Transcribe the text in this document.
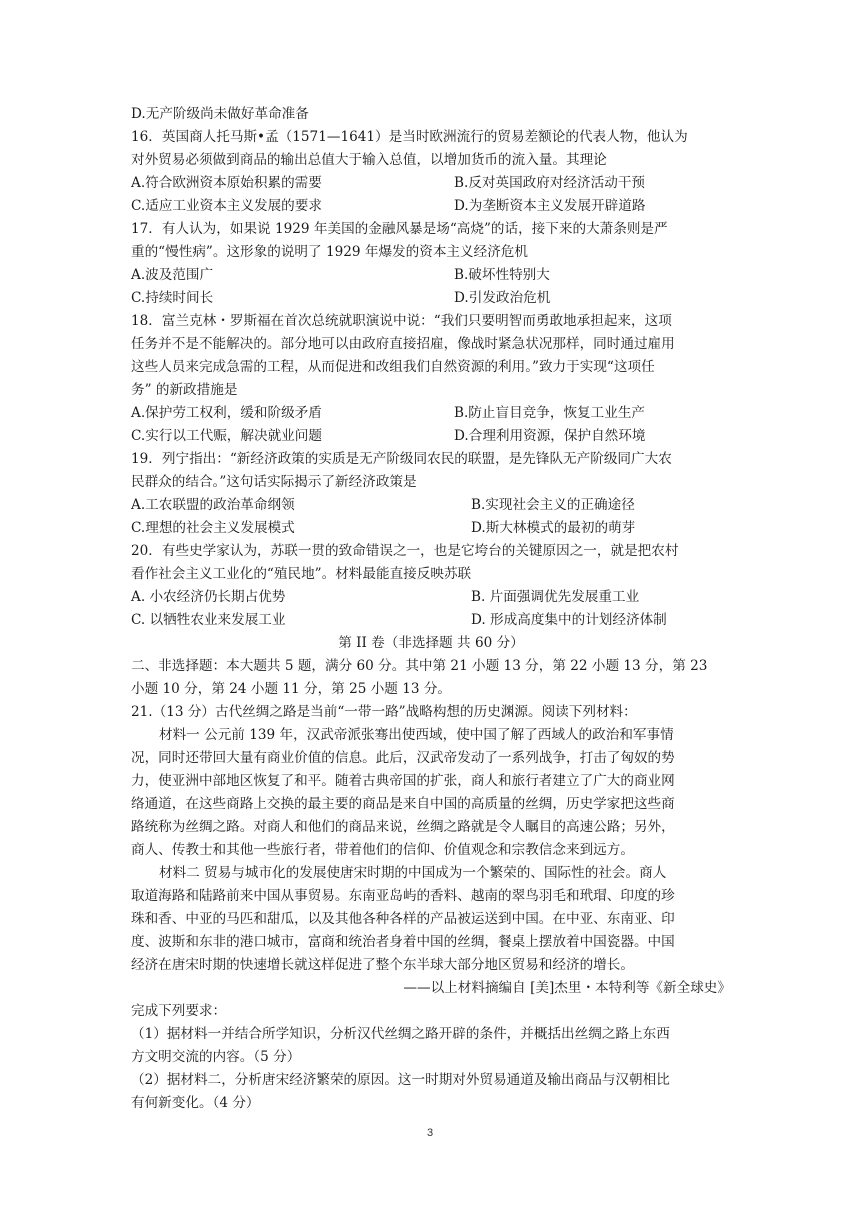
D.无产阶级尚未做好革命准备
16．英国商人托马斯•孟（1571—1641）是当时欧洲流行的贸易差额论的代表人物，他认为
对外贸易必须做到商品的输出总值大于输入总值，以增加货币的流入量。其理论
A.符合欧洲资本原始积累的需要	B.反对英国政府对经济活动干预
C.适应工业资本主义发展的要求	D.为垄断资本主义发展开辟道路
17．有人认为，如果说 1929 年美国的金融风暴是场“高烧”的话，接下来的大萧条则是严
重的“慢性病”。这形象的说明了 1929 年爆发的资本主义经济危机
A.波及范围广	B.破坏性特别大
C.持续时间长	D.引发政治危机
18．富兰克林・罗斯福在首次总统就职演说中说：“我们只要明智而勇敢地承担起来，这项
任务并不是不能解决的。部分地可以由政府直接招雇，像战时紧急状况那样，同时通过雇用
这些人员来完成急需的工程，从而促进和改组我们自然资源的利用。”致力于实现“这项任
务” 的新政措施是
A.保护劳工权利，缓和阶级矛盾	B.防止盲目竞争，恢复工业生产
C.实行以工代赈，解决就业问题	D.合理利用资源，保护自然环境
19．列宁指出：“新经济政策的实质是无产阶级同农民的联盟，是先锋队无产阶级同广大农
民群众的结合。”这句话实际揭示了新经济政策是
A.工农联盟的政治革命纲领	B.实现社会主义的正确途径
C.理想的社会主义发展模式	D.斯大林模式的最初的萌芽
20．有些史学家认为，苏联一贯的致命错误之一，也是它垮台的关键原因之一，就是把农村
看作社会主义工业化的“殖民地”。材料最能直接反映苏联
A. 小农经济仍长期占优势	B. 片面强调优先发展重工业
C. 以牺牲农业来发展工业	D. 形成高度集中的计划经济体制
第 II 卷（非选择题 共 60 分）
二、非选择题：本大题共 5 题，满分 60 分。其中第 21 小题 13 分，第 22 小题 13 分，第 23
小题 10 分，第 24 小题 11 分，第 25 小题 13 分。
21.（13 分）古代丝绸之路是当前“一带一路”战略构想的历史渊源。阅读下列材料：
材料一 公元前 139 年，汉武帝派张骞出使西域，使中国了解了西域人的政治和军事情
况，同时还带回大量有商业价值的信息。此后，汉武帝发动了一系列战争，打击了匈奴的势
力，使亚洲中部地区恢复了和平。随着古典帝国的扩张，商人和旅行者建立了广大的商业网
络通道，在这些商路上交换的最主要的商品是来自中国的高质量的丝绸，历史学家把这些商
路统称为丝绸之路。对商人和他们的商品来说，丝绸之路就是令人瞩目的高速公路；另外，
商人、传教士和其他一些旅行者，带着他们的信仰、价值观念和宗教信念来到远方。
材料二 贸易与城市化的发展使唐宋时期的中国成为一个繁荣的、国际性的社会。商人
取道海路和陆路前来中国从事贸易。东南亚岛屿的香料、越南的翠鸟羽毛和玳瑁、印度的珍
珠和香、中亚的马匹和甜瓜，以及其他各种各样的产品被运送到中国。在中亚、东南亚、印
度、波斯和东非的港口城市，富商和统治者身着中国的丝绸，餐桌上摆放着中国瓷器。中国
经济在唐宋时期的快速增长就这样促进了整个东半球大部分地区贸易和经济的增长。
——以上材料摘编自 [美]杰里・本特利等《新全球史》
完成下列要求：
（1）据材料一并结合所学知识，分析汉代丝绸之路开辟的条件，并概括出丝绸之路上东西
方文明交流的内容。（5 分）
（2）据材料二，分析唐宋经济繁荣的原因。这一时期对外贸易通道及输出商品与汉朝相比
有何新变化。（4 分）
3
